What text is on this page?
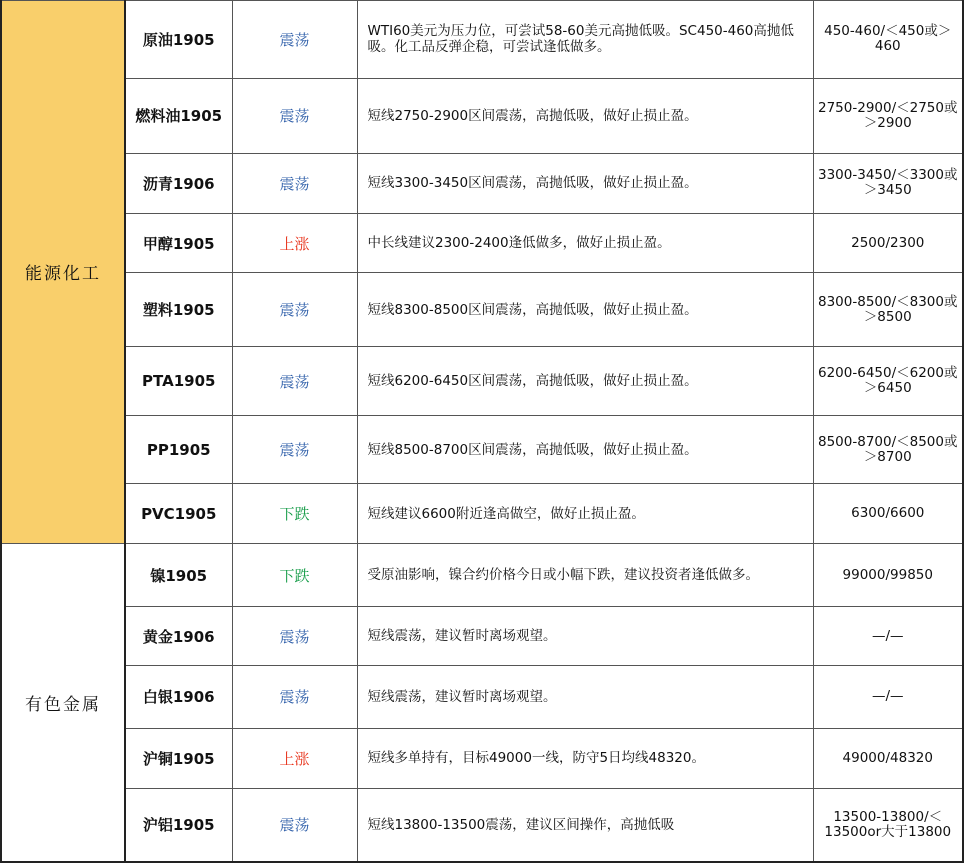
能源化工	原油1905	震荡	WTI60美元为压力位，可尝试58-60美元高抛低吸。SC450-460高抛低吸。化工品反弹企稳，可尝试逢低做多。	450-460/＜450或＞460
	燃料油1905	震荡	短线2750-2900区间震荡，高抛低吸，做好止损止盈。	2750-2900/＜2750或＞2900
	沥青1906	震荡	短线3300-3450区间震荡，高抛低吸，做好止损止盈。	3300-3450/＜3300或＞3450
	甲醇1905	上涨	中长线建议2300-2400逢低做多，做好止损止盈。	2500/2300
	塑料1905	震荡	短线8300-8500区间震荡，高抛低吸，做好止损止盈。	8300-8500/＜8300或＞8500
	PTA1905	震荡	短线6200-6450区间震荡，高抛低吸，做好止损止盈。	6200-6450/＜6200或＞6450
	PP1905	震荡	短线8500-8700区间震荡，高抛低吸，做好止损止盈。	8500-8700/＜8500或＞8700
	PVC1905	下跌	短线建议6600附近逢高做空，做好止损止盈。	6300/6600
有色金属	镍1905	下跌	受原油影响，镍合约价格今日或小幅下跌，建议投资者逢低做多。	99000/99850
	黄金1906	震荡	短线震荡，建议暂时离场观望。	—/—
	白银1906	震荡	短线震荡，建议暂时离场观望。	—/—
	沪铜1905	上涨	短线多单持有，目标49000一线，防守5日均线48320。	49000/48320
	沪铝1905	震荡	短线13800-13500震荡，建议区间操作，高抛低吸	13500-13800/＜13500or大于13800
